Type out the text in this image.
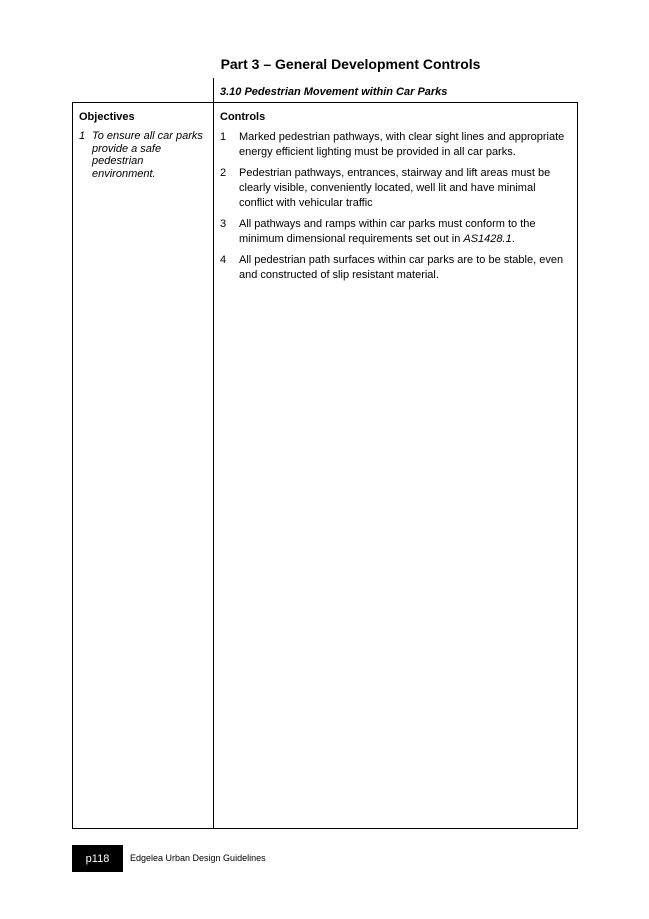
Part 3 – General Development Controls
3.10 Pedestrian Movement within Car Parks
Objectives
1 To ensure all car parks provide a safe pedestrian environment.
Controls
1	Marked pedestrian pathways, with clear sight lines and appropriate energy efficient lighting must be provided in all car parks.
2	Pedestrian pathways, entrances, stairway and lift areas must be clearly visible, conveniently located, well lit and have minimal conflict with vehicular traffic
3	All pathways and ramps within car parks must conform to the minimum dimensional requirements set out in AS1428.1.
4	All pedestrian path surfaces within car parks are to be stable, even and constructed of slip resistant material.
p118	Edgelea Urban Design Guidelines
